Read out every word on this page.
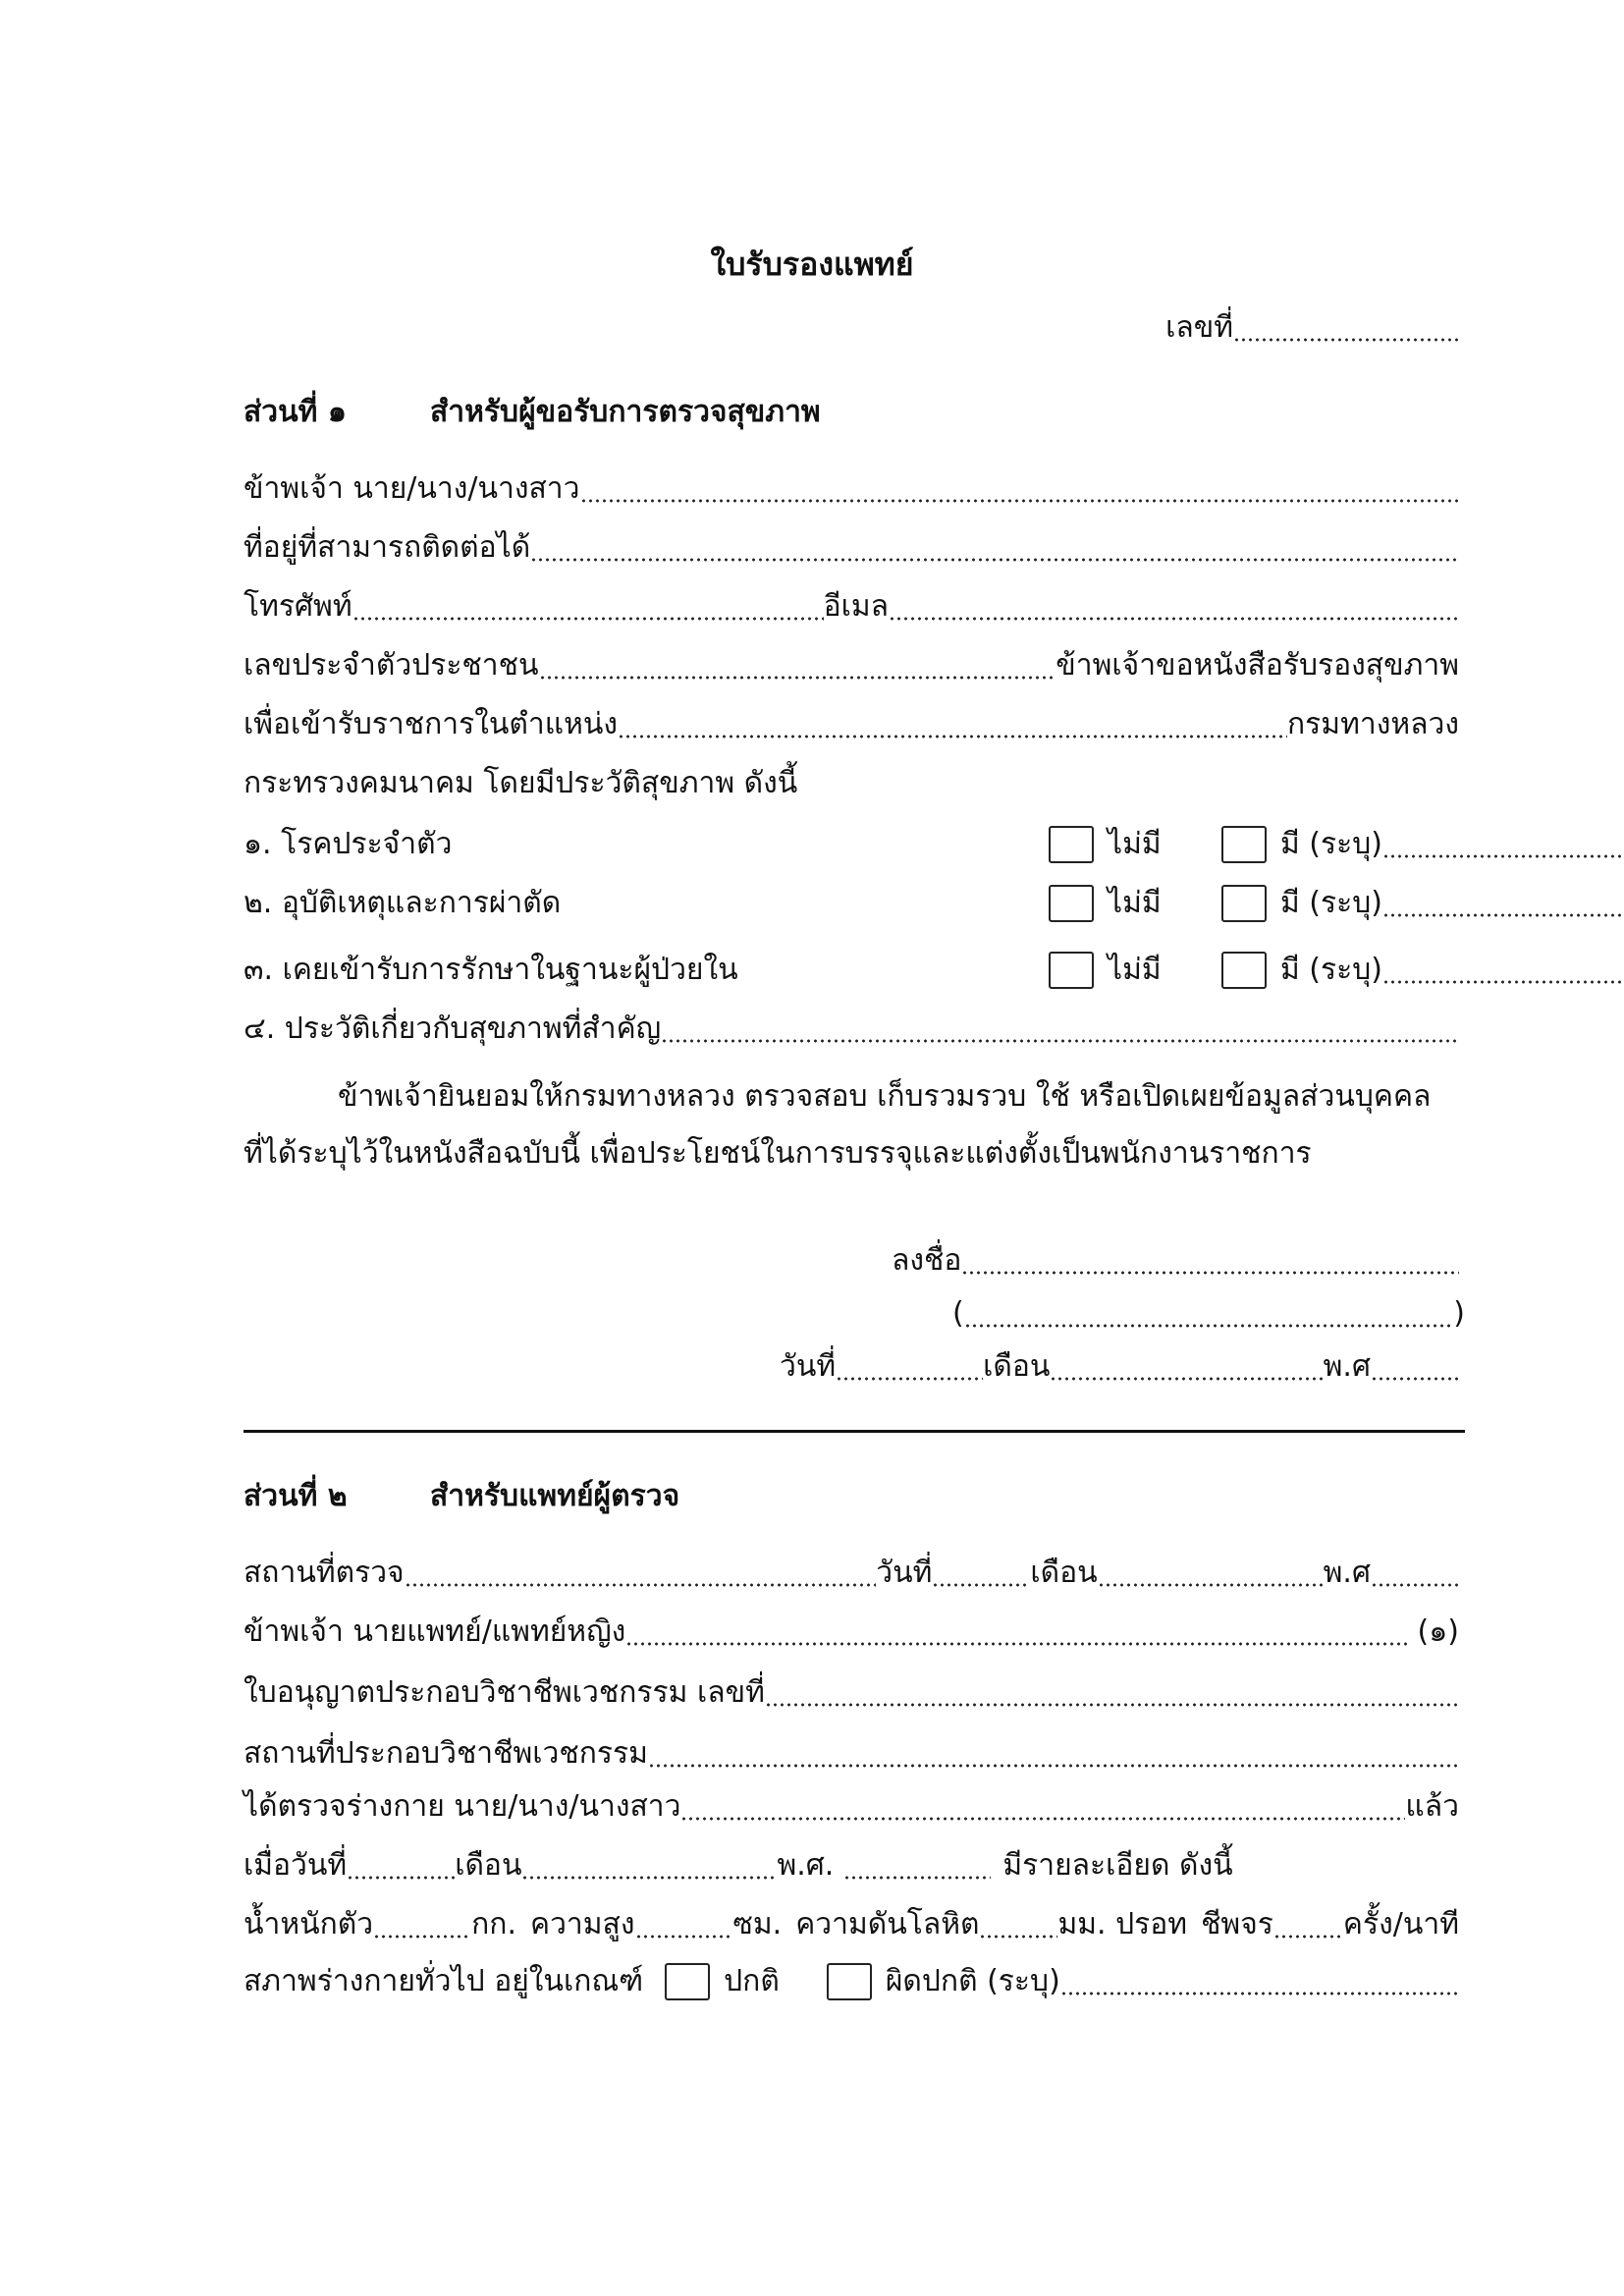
ใบรับรองแพทย์
เลขที่
ส่วนที่ ๑	สำหรับผู้ขอรับการตรวจสุขภาพ
ข้าพเจ้า นาย/นาง/นางสาว
ที่อยู่ที่สามารถติดต่อได้
โทรศัพท์	อีเมล
เลขประจำตัวประชาชน	ข้าพเจ้าขอหนังสือรับรองสุขภาพ
เพื่อเข้ารับราชการในตำแหน่ง	กรมทางหลวง
กระทรวงคมนาคม โดยมีประวัติสุขภาพ ดังนี้
๑. โรคประจำตัว	ไม่มี	มี (ระบุ)
๒. อุบัติเหตุและการผ่าตัด	ไม่มี	มี (ระบุ)
๓. เคยเข้ารับการรักษาในฐานะผู้ป่วยใน	ไม่มี	มี (ระบุ)
๔. ประวัติเกี่ยวกับสุขภาพที่สำคัญ
ข้าพเจ้ายินยอมให้กรมทางหลวง ตรวจสอบ เก็บรวมรวบ ใช้ หรือเปิดเผยข้อมูลส่วนบุคคล
ที่ได้ระบุไว้ในหนังสือฉบับนี้ เพื่อประโยชน์ในการบรรจุและแต่งตั้งเป็นพนักงานราชการ
ลงชื่อ
(	)
วันที่	เดือน	พ.ศ
ส่วนที่ ๒	สำหรับแพทย์ผู้ตรวจ
สถานที่ตรวจ	วันที่	เดือน	พ.ศ
ข้าพเจ้า นายแพทย์/แพทย์หญิง	(๑)
ใบอนุญาตประกอบวิชาชีพเวชกรรม เลขที่
สถานที่ประกอบวิชาชีพเวชกรรม
ได้ตรวจร่างกาย นาย/นาง/นางสาว	แล้ว
เมื่อวันที่	เดือน	พ.ศ.	มีรายละเอียด ดังนี้
น้ำหนักตัว	กก. ความสูง	ซม. ความดันโลหิต	มม. ปรอท ชีพจร ครั้ง/นาที
สภาพร่างกายทั่วไป อยู่ในเกณฑ์	ปกติ	ผิดปกติ (ระบุ)
